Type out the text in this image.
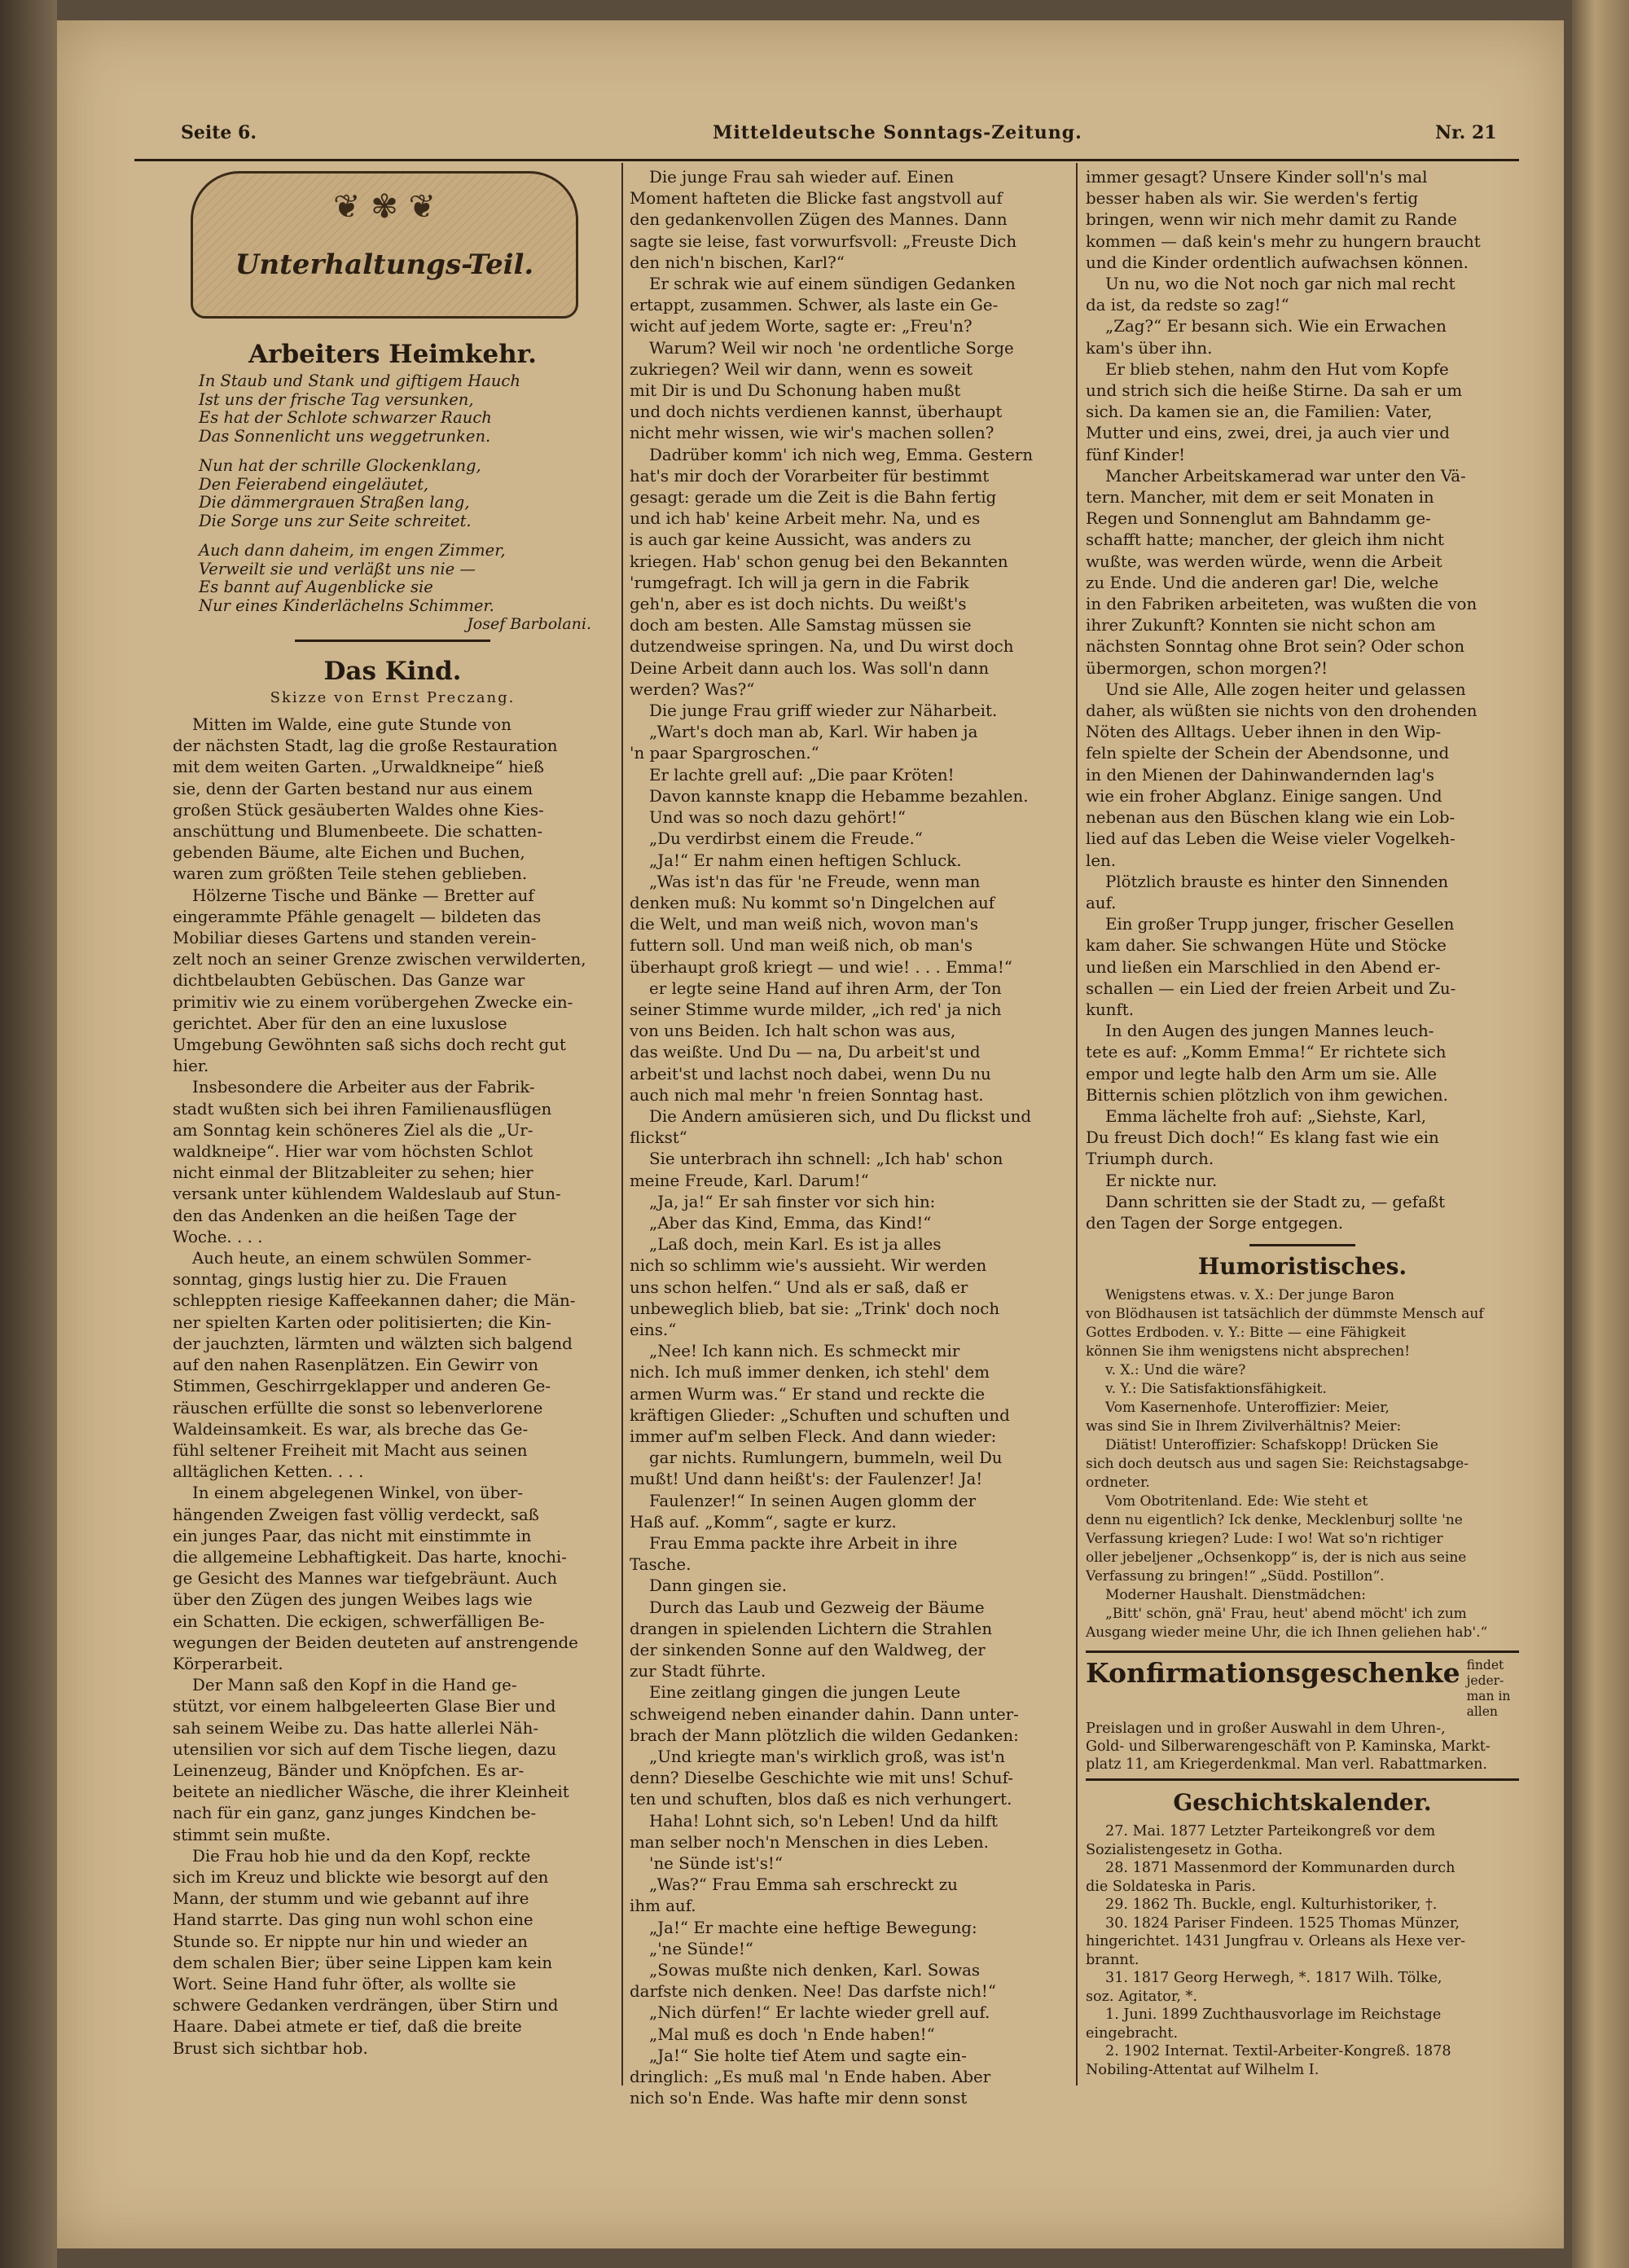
Seite 6.	Mitteldeutsche Sonntags-Zeitung.	Nr. 21
❦ ✾ ❦
Unterhaltungs-Teil.
Arbeiters Heimkehr.
In Staub und Stank und giftigem Hauch
Ist uns der frische Tag versunken,
Es hat der Schlote schwarzer Rauch
Das Sonnenlicht uns weggetrunken.
Nun hat der schrille Glockenklang,
Den Feierabend eingeläutet,
Die dämmergrauen Straßen lang,
Die Sorge uns zur Seite schreitet.
Auch dann daheim, im engen Zimmer,
Verweilt sie und verläßt uns nie —
Es bannt auf Augenblicke sie
Nur eines Kinderlächelns Schimmer.
Josef Barbolani.
Das Kind.
Skizze von Ernst Preczang.

Mitten im Walde, eine gute Stunde von

der nächsten Stadt, lag die große Restauration

mit dem weiten Garten. „Urwaldkneipe“ hieß

sie, denn der Garten bestand nur aus einem

großen Stück gesäuberten Waldes ohne Kies-

anschüttung und Blumenbeete. Die schatten-

gebenden Bäume, alte Eichen und Buchen,

waren zum größten Teile stehen geblieben.

Hölzerne Tische und Bänke — Bretter auf

eingerammte Pfähle genagelt — bildeten das

Mobiliar dieses Gartens und standen verein-

zelt noch an seiner Grenze zwischen verwilderten,

dichtbelaubten Gebüschen. Das Ganze war

primitiv wie zu einem vorübergehen Zwecke ein-

gerichtet. Aber für den an eine luxuslose

Umgebung Gewöhnten saß sichs doch recht gut

hier.

Insbesondere die Arbeiter aus der Fabrik-

stadt wußten sich bei ihren Familienausflügen

am Sonntag kein schöneres Ziel als die „Ur-

waldkneipe“. Hier war vom höchsten Schlot

nicht einmal der Blitzableiter zu sehen; hier

versank unter kühlendem Waldeslaub auf Stun-

den das Andenken an die heißen Tage der

Woche. . . .

Auch heute, an einem schwülen Sommer-

sonntag, gings lustig hier zu. Die Frauen

schleppten riesige Kaffeekannen daher; die Män-

ner spielten Karten oder politisierten; die Kin-

der jauchzten, lärmten und wälzten sich balgend

auf den nahen Rasenplätzen. Ein Gewirr von

Stimmen, Geschirrgeklapper und anderen Ge-

räuschen erfüllte die sonst so lebenverlorene

Waldeinsamkeit. Es war, als breche das Ge-

fühl seltener Freiheit mit Macht aus seinen

alltäglichen Ketten. . . .

In einem abgelegenen Winkel, von über-

hängenden Zweigen fast völlig verdeckt, saß

ein junges Paar, das nicht mit einstimmte in

die allgemeine Lebhaftigkeit. Das harte, knochi-

ge Gesicht des Mannes war tiefgebräunt. Auch

über den Zügen des jungen Weibes lags wie

ein Schatten. Die eckigen, schwerfälligen Be-

wegungen der Beiden deuteten auf anstrengende

Körperarbeit.

Der Mann saß den Kopf in die Hand ge-

stützt, vor einem halbgeleerten Glase Bier und

sah seinem Weibe zu. Das hatte allerlei Näh-

utensilien vor sich auf dem Tische liegen, dazu

Leinenzeug, Bänder und Knöpfchen. Es ar-

beitete an niedlicher Wäsche, die ihrer Kleinheit

nach für ein ganz, ganz junges Kindchen be-

stimmt sein mußte.

Die Frau hob hie und da den Kopf, reckte

sich im Kreuz und blickte wie besorgt auf den

Mann, der stumm und wie gebannt auf ihre

Hand starrte. Das ging nun wohl schon eine

Stunde so. Er nippte nur hin und wieder an

dem schalen Bier; über seine Lippen kam kein

Wort. Seine Hand fuhr öfter, als wollte sie

schwere Gedanken verdrängen, über Stirn und

Haare. Dabei atmete er tief, daß die breite

Brust sich sichtbar hob.

Die junge Frau sah wieder auf. Einen

Moment hafteten die Blicke fast angstvoll auf

den gedankenvollen Zügen des Mannes. Dann

sagte sie leise, fast vorwurfsvoll: „Freuste Dich

den nich'n bischen, Karl?“

Er schrak wie auf einem sündigen Gedanken

ertappt, zusammen. Schwer, als laste ein Ge-

wicht auf jedem Worte, sagte er: „Freu'n?

Warum? Weil wir noch 'ne ordentliche Sorge

zukriegen? Weil wir dann, wenn es soweit

mit Dir is und Du Schonung haben mußt

und doch nichts verdienen kannst, überhaupt

nicht mehr wissen, wie wir's machen sollen?

Dadrüber komm' ich nich weg, Emma. Gestern

hat's mir doch der Vorarbeiter für bestimmt

gesagt: gerade um die Zeit is die Bahn fertig

und ich hab' keine Arbeit mehr. Na, und es

is auch gar keine Aussicht, was anders zu

kriegen. Hab' schon genug bei den Bekannten

'rumgefragt. Ich will ja gern in die Fabrik

geh'n, aber es ist doch nichts. Du weißt's

doch am besten. Alle Samstag müssen sie

dutzendweise springen. Na, und Du wirst doch

Deine Arbeit dann auch los. Was soll'n dann

werden? Was?“

Die junge Frau griff wieder zur Näharbeit.

„Wart's doch man ab, Karl. Wir haben ja

'n paar Spargroschen.“

Er lachte grell auf: „Die paar Kröten!

Davon kannste knapp die Hebamme bezahlen.

Und was so noch dazu gehört!“

„Du verdirbst einem die Freude.“

„Ja!“ Er nahm einen heftigen Schluck.

„Was ist'n das für 'ne Freude, wenn man

denken muß: Nu kommt so'n Dingelchen auf

die Welt, und man weiß nich, wovon man's

futtern soll. Und man weiß nich, ob man's

überhaupt groß kriegt — und wie! . . . Emma!“

er legte seine Hand auf ihren Arm, der Ton

seiner Stimme wurde milder, „ich red' ja nich

von uns Beiden. Ich halt schon was aus,

das weißte. Und Du — na, Du arbeit'st und

arbeit'st und lachst noch dabei, wenn Du nu

auch nich mal mehr 'n freien Sonntag hast.

Die Andern amüsieren sich, und Du flickst und

flickst“

Sie unterbrach ihn schnell: „Ich hab' schon

meine Freude, Karl. Darum!“

„Ja, ja!“ Er sah finster vor sich hin:

„Aber das Kind, Emma, das Kind!“

„Laß doch, mein Karl. Es ist ja alles

nich so schlimm wie's aussieht. Wir werden

uns schon helfen.“ Und als er saß, daß er

unbeweglich blieb, bat sie: „Trink' doch noch

eins.“

„Nee! Ich kann nich. Es schmeckt mir

nich. Ich muß immer denken, ich stehl' dem

armen Wurm was.“ Er stand und reckte die

kräftigen Glieder: „Schuften und schuften und

immer auf'm selben Fleck. And dann wieder:

gar nichts. Rumlungern, bummeln, weil Du

mußt! Und dann heißt's: der Faulenzer! Ja!

Faulenzer!“ In seinen Augen glomm der

Haß auf. „Komm“, sagte er kurz.

Frau Emma packte ihre Arbeit in ihre

Tasche.

Dann gingen sie.

Durch das Laub und Gezweig der Bäume

drangen in spielenden Lichtern die Strahlen

der sinkenden Sonne auf den Waldweg, der

zur Stadt führte.

Eine zeitlang gingen die jungen Leute

schweigend neben einander dahin. Dann unter-

brach der Mann plötzlich die wilden Gedanken:

„Und kriegte man's wirklich groß, was ist'n

denn? Dieselbe Geschichte wie mit uns! Schuf-

ten und schuften, blos daß es nich verhungert.

Haha! Lohnt sich, so'n Leben! Und da hilft

man selber noch'n Menschen in dies Leben.

'ne Sünde ist's!“

„Was?“ Frau Emma sah erschreckt zu

ihm auf.

„Ja!“ Er machte eine heftige Bewegung:

„'ne Sünde!“

„Sowas mußte nich denken, Karl. Sowas

darfste nich denken. Nee! Das darfste nich!“

„Nich dürfen!“ Er lachte wieder grell auf.

„Mal muß es doch 'n Ende haben!“

„Ja!“ Sie holte tief Atem und sagte ein-

dringlich: „Es muß mal 'n Ende haben. Aber

nich so'n Ende. Was hafte mir denn sonst

immer gesagt? Unsere Kinder soll'n's mal

besser haben als wir. Sie werden's fertig

bringen, wenn wir nich mehr damit zu Rande

kommen — daß kein's mehr zu hungern braucht

und die Kinder ordentlich aufwachsen können.

Un nu, wo die Not noch gar nich mal recht

da ist, da redste so zag!“

„Zag?“ Er besann sich. Wie ein Erwachen

kam's über ihn.

Er blieb stehen, nahm den Hut vom Kopfe

und strich sich die heiße Stirne. Da sah er um

sich. Da kamen sie an, die Familien: Vater,

Mutter und eins, zwei, drei, ja auch vier und

fünf Kinder!

Mancher Arbeitskamerad war unter den Vä-

tern. Mancher, mit dem er seit Monaten in

Regen und Sonnenglut am Bahndamm ge-

schafft hatte; mancher, der gleich ihm nicht

wußte, was werden würde, wenn die Arbeit

zu Ende. Und die anderen gar! Die, welche

in den Fabriken arbeiteten, was wußten die von

ihrer Zukunft? Konnten sie nicht schon am

nächsten Sonntag ohne Brot sein? Oder schon

übermorgen, schon morgen?!

Und sie Alle, Alle zogen heiter und gelassen

daher, als wüßten sie nichts von den drohenden

Nöten des Alltags. Ueber ihnen in den Wip-

feln spielte der Schein der Abendsonne, und

in den Mienen der Dahinwandernden lag's

wie ein froher Abglanz. Einige sangen. Und

nebenan aus den Büschen klang wie ein Lob-

lied auf das Leben die Weise vieler Vogelkeh-

len.

Plötzlich brauste es hinter den Sinnenden

auf.

Ein großer Trupp junger, frischer Gesellen

kam daher. Sie schwangen Hüte und Stöcke

und ließen ein Marschlied in den Abend er-

schallen — ein Lied der freien Arbeit und Zu-

kunft.

In den Augen des jungen Mannes leuch-

tete es auf: „Komm Emma!“ Er richtete sich

empor und legte halb den Arm um sie. Alle

Bitternis schien plötzlich von ihm gewichen.

Emma lächelte froh auf: „Siehste, Karl,

Du freust Dich doch!“ Es klang fast wie ein

Triumph durch.

Er nickte nur.

Dann schritten sie der Stadt zu, — gefaßt

den Tagen der Sorge entgegen.

Humoristisches.

Wenigstens etwas. v. X.: Der junge Baron

von Blödhausen ist tatsächlich der dümmste Mensch auf

Gottes Erdboden. v. Y.: Bitte — eine Fähigkeit

können Sie ihm wenigstens nicht absprechen!

v. X.: Und die wäre?

v. Y.: Die Satisfaktionsfähigkeit.

Vom Kasernenhofe. Unteroffizier: Meier,

was sind Sie in Ihrem Zivilverhältnis? Meier:

Diätist! Unteroffizier: Schafskopp! Drücken Sie

sich doch deutsch aus und sagen Sie: Reichstagsabge-

ordneter.

Vom Obotritenland. Ede: Wie steht et

denn nu eigentlich? Ick denke, Mecklenburj sollte 'ne

Verfassung kriegen? Lude: I wo! Wat so'n richtiger

oller jebeljener „Ochsenkopp“ is, der is nich aus seine

Verfassung zu bringen!“ „Südd. Postillon“.

Moderner Haushalt. Dienstmädchen:

„Bitt' schön, gnä' Frau, heut' abend möcht' ich zum

Ausgang wieder meine Uhr, die ich Ihnen geliehen hab'.“

Konfirmationsgeschenke findet jeder-
man in allen
Preislagen und in großer Auswahl in dem Uhren-,
Gold- und Silberwarengeschäft von P. Kaminska, Markt-
platz 11, am Kriegerdenkmal. Man verl. Rabattmarken.
Geschichtskalender.

27. Mai. 1877 Letzter Parteikongreß vor dem

Sozialistengesetz in Gotha.

28. 1871 Massenmord der Kommunarden durch

die Soldateska in Paris.

29. 1862 Th. Buckle, engl. Kulturhistoriker, †.

30. 1824 Pariser Findeen. 1525 Thomas Münzer,

hingerichtet. 1431 Jungfrau v. Orleans als Hexe ver-

brannt.

31. 1817 Georg Herwegh, *. 1817 Wilh. Tölke,

soz. Agitator, *.

1. Juni. 1899 Zuchthausvorlage im Reichstage

eingebracht.

2. 1902 Internat. Textil-Arbeiter-Kongreß. 1878

Nobiling-Attentat auf Wilhelm I.
